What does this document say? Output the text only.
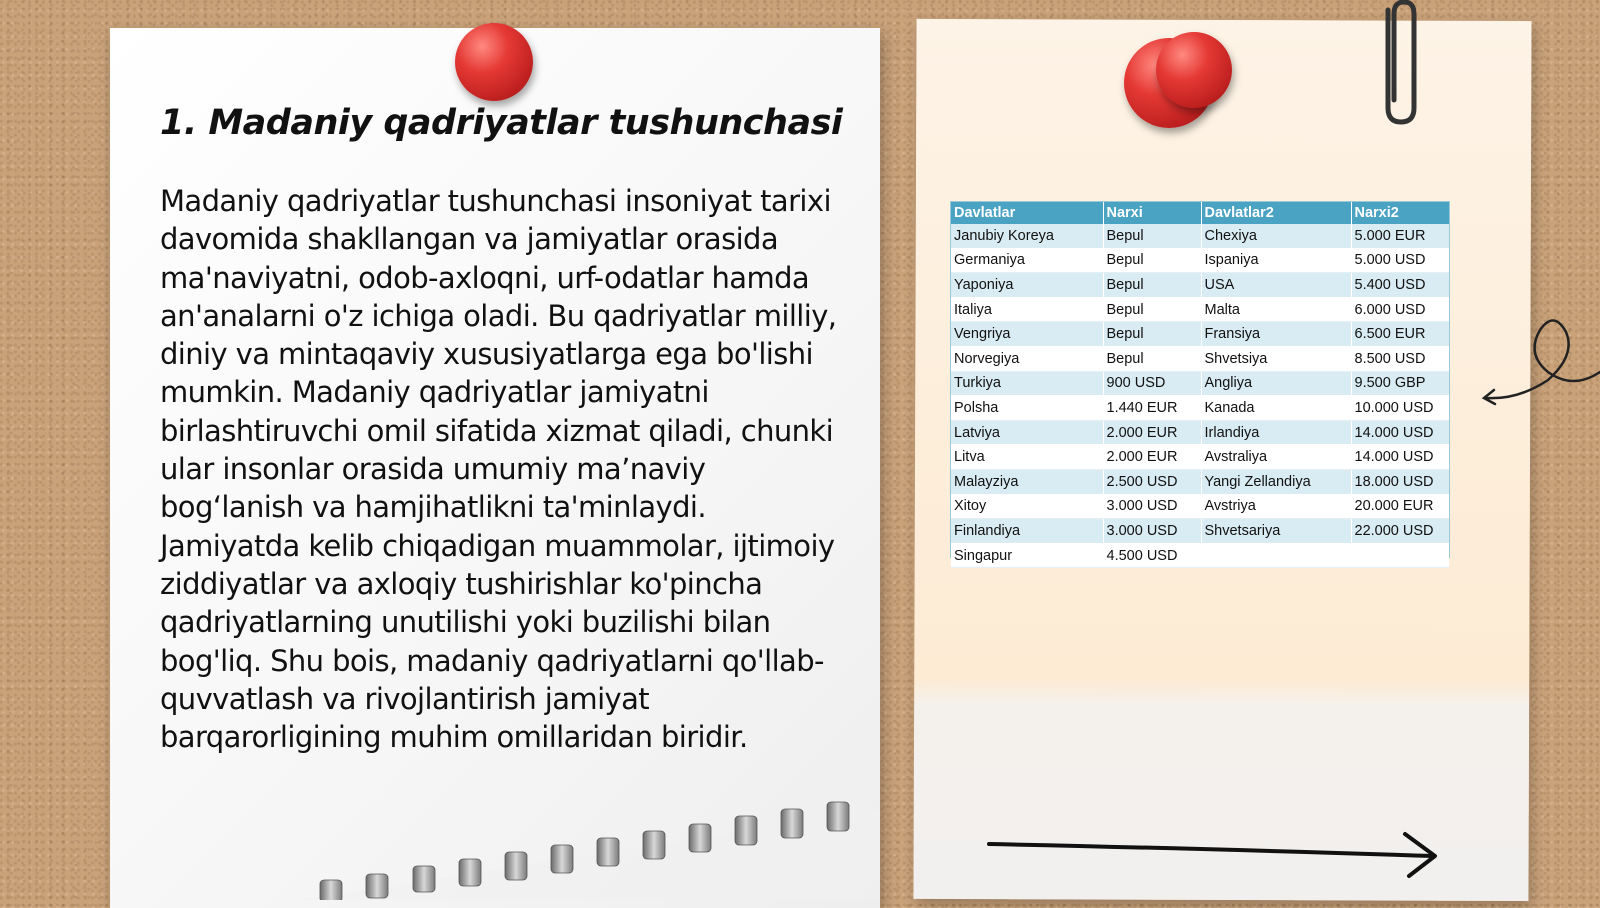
1. Madaniy qadriyatlar tushunchasi

Madaniy qadriyatlar tushunchasi insoniyat tarixi davomida shakllangan va jamiyatlar orasida ma'naviyatni, odob-axloqni, urf-odatlar hamda an'analarni o'z ichiga oladi. Bu qadriyatlar milliy, diniy va mintaqaviy xususiyatlarga ega bo'lishi mumkin. Madaniy qadriyatlar jamiyatni birlashtiruvchi omil sifatida xizmat qiladi, chunki ular insonlar orasida umumiy ma’naviy bog‘lanish va hamjihatlikni ta'minlaydi. Jamiyatda kelib chiqadigan muammolar, ijtimoiy ziddiyatlar va axloqiy tushirishlar ko'pincha qadriyatlarning unutilishi yoki buzilishi bilan bog'liq. Shu bois, madaniy qadriyatlarni qo'llab-quvvatlash va rivojlantirish jamiyat barqarorligining muhim omillaridan biridir.

Davlatlar	Narxi	Davlatlar2	Narxi2
Janubiy Koreya	Bepul	Chexiya	5.000 EUR
Germaniya	Bepul	Ispaniya	5.000 USD
Yaponiya	Bepul	USA	5.400 USD
Italiya	Bepul	Malta	6.000 USD
Vengriya	Bepul	Fransiya	6.500 EUR
Norvegiya	Bepul	Shvetsiya	8.500 USD
Turkiya	900 USD	Angliya	9.500 GBP
Polsha	1.440 EUR	Kanada	10.000 USD
Latviya	2.000 EUR	Irlandiya	14.000 USD
Litva	2.000 EUR	Avstraliya	14.000 USD
Malayziya	2.500 USD	Yangi Zellandiya	18.000 USD
Xitoy	3.000 USD	Avstriya	20.000 EUR
Finlandiya	3.000 USD	Shvetsariya	22.000 USD
Singapur	4.500 USD		
